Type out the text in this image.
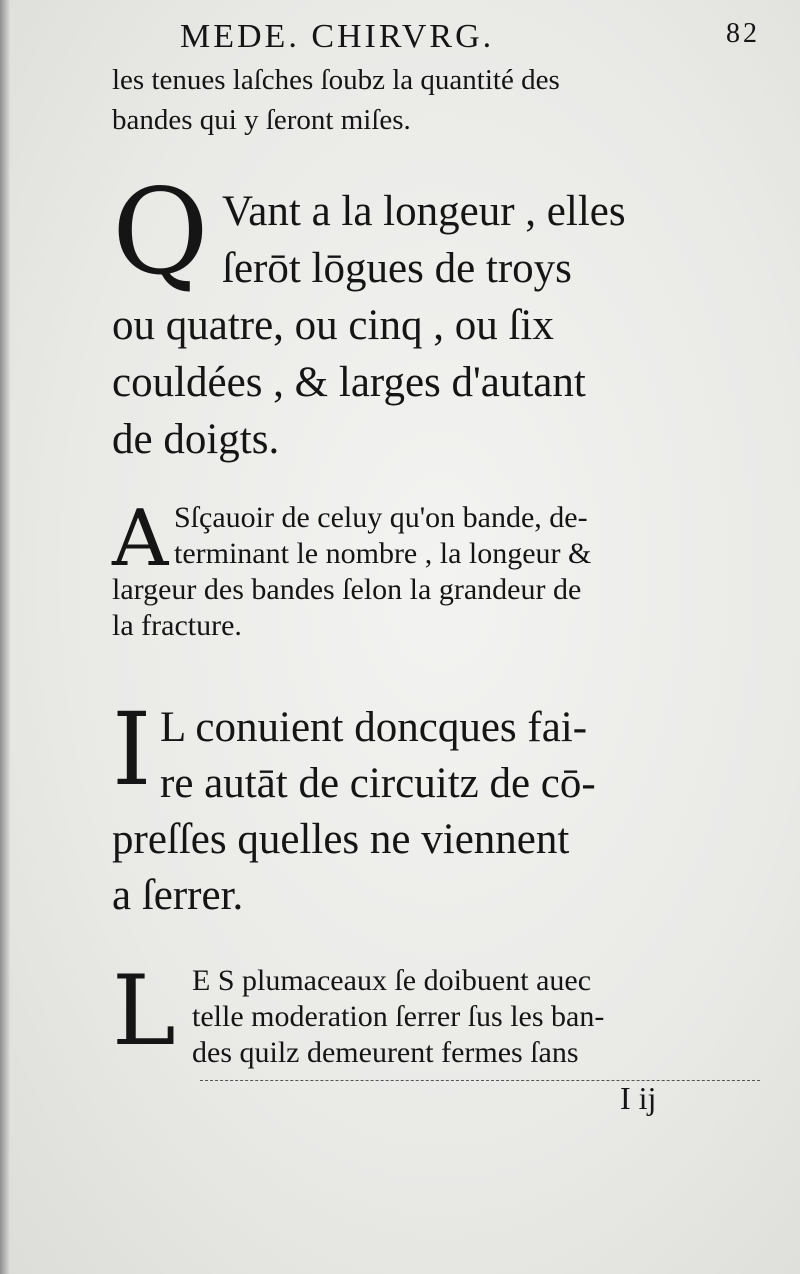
MEDE. CHIRVRG.	82
les tenues laſches ſoubz la quantité des
bandes qui y ſeront miſes.
Q Vant a la longeur , elles
ſerōt lōgues de troys
ou quatre, ou cinq , ou ſix
couldées , & larges d'autant
de doigts.
A Sſçauoir de celuy qu'on bande, de-
terminant le nombre , la longeur &
largeur des bandes ſelon la grandeur de
la fracture.
I L conuient doncques fai-
re autāt de circuitz de cō-
preſſes quelles ne viennent
a ſerrer.
L E S plumaceaux ſe doibuent auec
telle moderation ſerrer ſus les ban-
des quilz demeurent fermes ſans
I ij
